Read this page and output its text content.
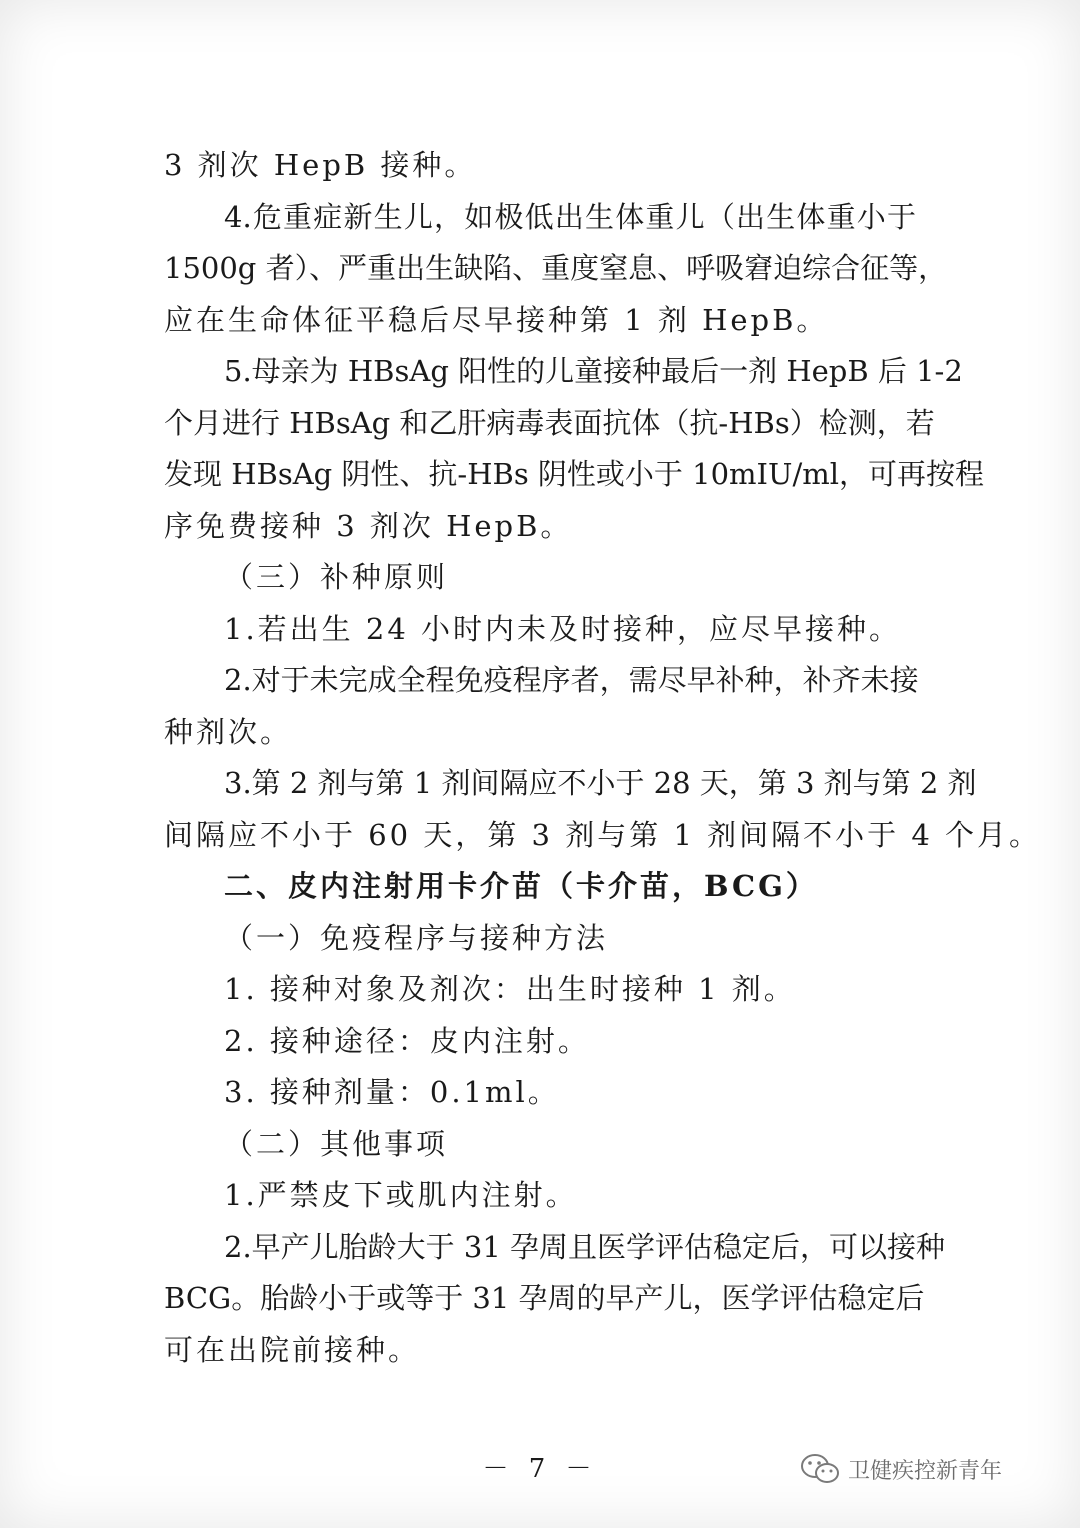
3 剂次 HepB 接种。

4.危重症新生儿，如极低出生体重儿（出生体重小于

1500g 者）、严重出生缺陷、重度窒息、呼吸窘迫综合征等，

应在生命体征平稳后尽早接种第 1 剂 HepB。

5.母亲为 HBsAg 阳性的儿童接种最后一剂 HepB 后 1-2

个月进行 HBsAg 和乙肝病毒表面抗体（抗-HBs）检测，若

发现 HBsAg 阴性、抗-HBs 阴性或小于 10mIU/ml，可再按程

序免费接种 3 剂次 HepB。

（三）补种原则

1.若出生 24 小时内未及时接种，应尽早接种。

2.对于未完成全程免疫程序者，需尽早补种，补齐未接

种剂次。

3.第 2 剂与第 1 剂间隔应不小于 28 天，第 3 剂与第 2 剂

间隔应不小于 60 天，第 3 剂与第 1 剂间隔不小于 4 个月。

二、皮内注射用卡介苗（卡介苗，BCG）

（一）免疫程序与接种方法

1. 接种对象及剂次：出生时接种 1 剂。

2. 接种途径：皮内注射。

3. 接种剂量：0.1ml。

（二）其他事项

1.严禁皮下或肌内注射。

2.早产儿胎龄大于 31 孕周且医学评估稳定后，可以接种

BCG。胎龄小于或等于 31 孕周的早产儿，医学评估稳定后

可在出院前接种。

－ 7 －	卫健疾控新青年
